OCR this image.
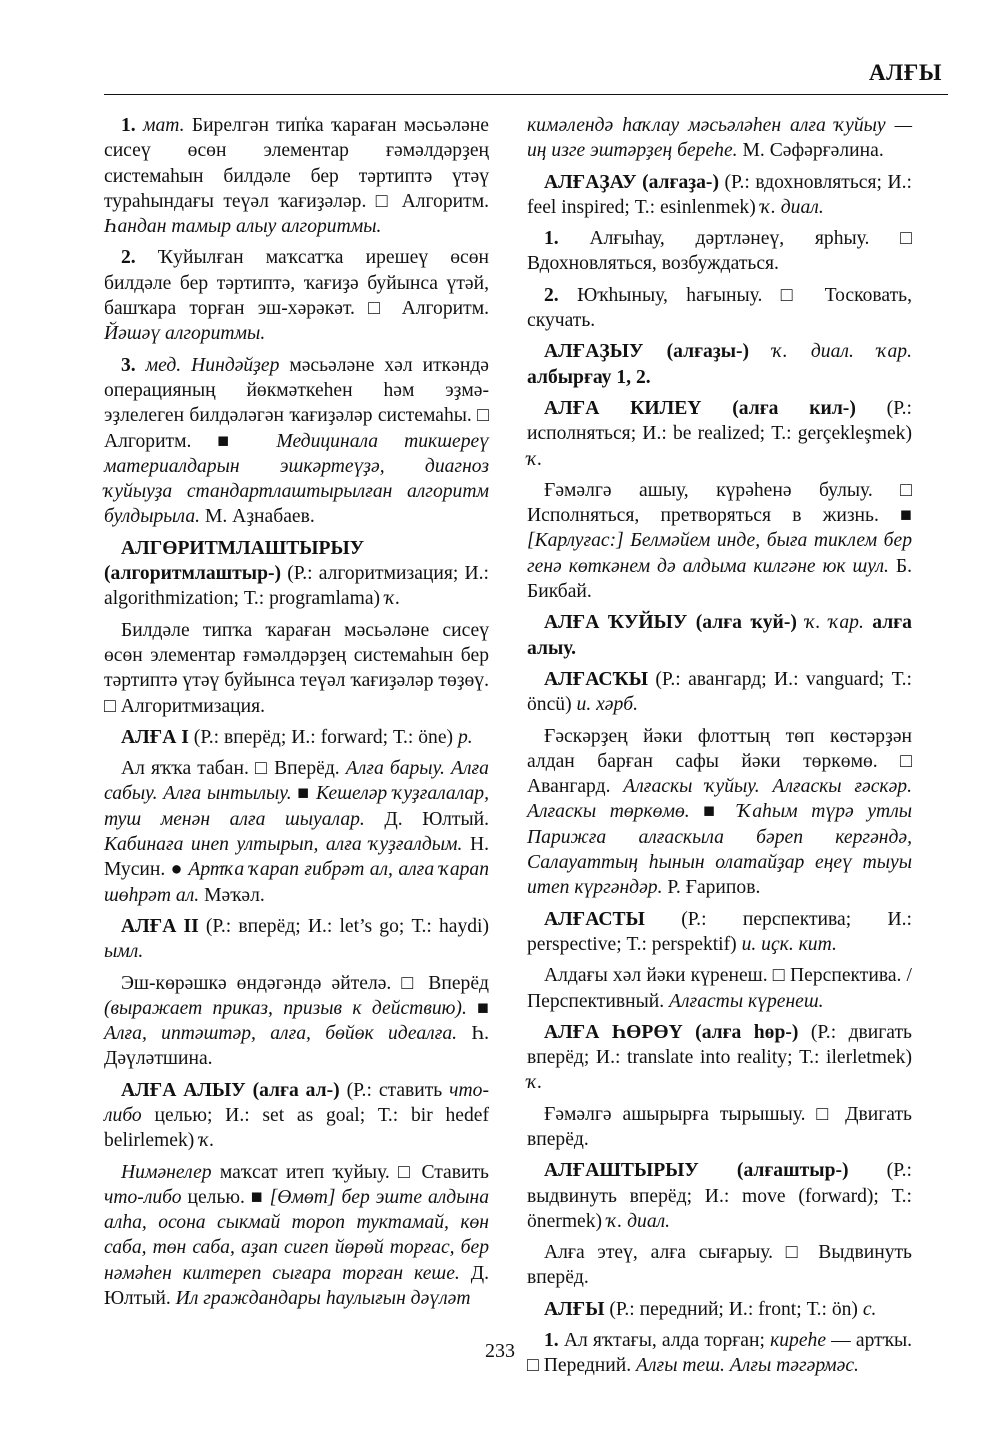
АЛҒЫ

1. мат. Бирелгән тип̒ка ҡараған мәсьәләне сисеү өсөн элементар ғәмәлдәрҙең системаһын билдәле бер тәртиптә үтәү тураһындағы теүәл ҡағиҙәләр. □ Алгоритм. Һандан тамыр алыу алгоритмы.

2. Ҡуйылған маҡсатҡа ирешеү өсөн билдәле бер тәртиптә, ҡағиҙә буйынса үтәй, башҡара торған эш-хәрәкәт. □ Алгоритм. Йәшәү алгоритмы.

3. мед. Ниндәйҙер мәсьәләне хәл иткәндә операцияның йөкмәткеһен һәм эҙмә-эҙлелеген билдәләгән ҡағиҙәләр системаһы. □ Алгоритм. ■ Медицинала тикшереү материалдарын эшкәртеүҙә, диагноз ҡуйыуҙа стандартлаштырылған алгоритм булдырыла. М. Аҙнабаев.

АЛГӨРИТМЛАШТЫРЫУ (алгоритмлаштыр-) (Р.: алгоритмизация; И.: algorithmization; Т.: programlama) ҡ.

Билдәле типҡа ҡараған мәсьәләне сисеү өсөн элементар ғәмәлдәрҙең системаһын бер тәртиптә үтәү буйынса теүәл ҡағиҙәләр төҙөү. □ Алгоритмизация.

АЛҒА I (Р.: вперёд; И.: forward; Т.: öne) р.

Ал яҡҡа табан. □ Вперёд. Алға барыу. Алға сабыу. Алға ынтылыу. ■ Кешеләр ҡуҙғалалар, туш менән алға шыуалар. Д. Юлтый. Кабинаға инеп ултырып, алға ҡуҙғалдым. Н. Мусин. ● Артҡа ҡарап ғибрәт ал, алға ҡарап шөһрәт ал. Мәҡәл.

АЛҒА II (Р.: вперёд; И.: let’s go; Т.: haydi) ымл.

Эш-көрәшкә өндәгәндә әйтелә. □ Вперёд (выражает приказ, призыв к действию). ■ Алға, иптәштәр, алға, бөйөк идеалға. Һ. Дәүләтшина.

АЛҒА АЛЫУ (алға ал-) (Р.: ставить что-либо целью; И.: set as goal; Т.: bir hedef belirlemek) ҡ.

Нимәнелер маҡсат итеп ҡуйыу. □ Ставить что-либо целью. ■ [Өмөт] бер эште алдына алһа, осона сыкмай тороп туктамай, көн саба, төн саба, аҙап сигеп йөрөй торғас, бер нәмәһен килтереп сығара торған кеше. Д. Юлтый. Ил граждандары һаулығын дәүләт

кимәлендә һаҡлау мәсьәләһен алға ҡуйыу — иң изге эштәрҙең береһе. М. Сәфәрғәлина.

АЛҒАҘАУ (алғаҙа-) (Р.: вдохновляться; И.: feel inspired; Т.: esinlenmek) ҡ. диал.

1. Алғыһау, дәртләнеү, ярһыу. □ Вдохновляться, возбуждаться.

2. Юҡһыныу, һағыныу. □ Тосковать, скучать.

АЛҒАҘЫУ (алғаҙы-) ҡ. диал. ҡар. албырғау 1, 2.

АЛҒА КИЛЕҮ (алға кил-) (Р.: исполняться; И.: be realized; Т.: gerçekleşmek) ҡ.

Ғәмәлгә ашыу, күрәһенә булыу. □ Исполняться, претворяться в жизнь. ■ [Карлуғас:] Белмәйем инде, быға тиклем бер генә көткәнем дә алдыма килгәне юк шул. Б. Бикбай.

АЛҒА ҠУЙЫУ (алға ҡуй-) ҡ. ҡар. алға алыу.

АЛҒАСҠЫ (Р.: авангард; И.: vanguard; Т.: öncü) и. хәрб.

Ғәскәрҙең йәки флоттың төп көстәрҙән алдан барған сафы йәки төркөмө. □ Авангард. Алғаскы ҡуйыу. Алғаскы ғәскәр. Алғаскы төркөмө. ■ Ҡаһым түрә утлы Парижға алғаскыла бәреп кергәндә, Салауаттың һынын олатайҙар еңеү тыуы итеп күргәндәр. Р. Ғарипов.

АЛҒАСТЫ (Р.: перспектива; И.: perspective; Т.: perspektif) и. иҫк. кит.

Алдағы хәл йәки күренеш. □ Перспектива. / Перспективный. Алғасты күренеш.

АЛҒА ҺӨРӨҮ (алға һөр-) (Р.: двигать вперёд; И.: translate into reality; Т.: ilerletmek) ҡ.

Ғәмәлгә ашырырға тырышыу. □ Двигать вперёд.

АЛҒАШТЫРЫУ (алғаштыр-) (Р.: выдвинуть вперёд; И.: move (forward); Т.: önermek) ҡ. диал.

Алға этеү, алға сығарыу. □ Выдвинуть вперёд.

АЛҒЫ (Р.: передний; И.: front; Т.: ön) с.

1. Ал яҡтағы, алда торған; киреһе — артҡы. □ Передний. Алғы теш. Алғы тәгәрмәс.

233
